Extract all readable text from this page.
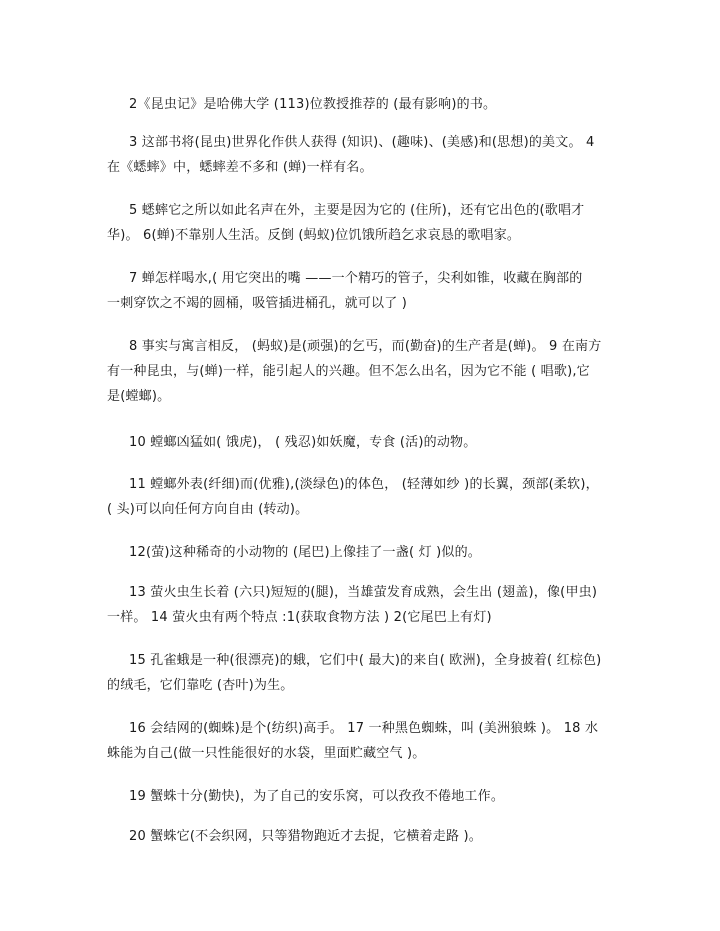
2《昆虫记》是哈佛大学 (113)位教授推荐的 (最有影响)的书。
3 这部书将(昆虫)世界化作供人获得 (知识)、(趣味)、(美感)和(思想)的美文。 4
在《蟋蟀》中，蟋蟀差不多和 (蝉)一样有名。
5 蟋蟀它之所以如此名声在外，主要是因为它的 (住所)，还有它出色的(歌唱才
华)。 6(蝉)不靠别人生活。反倒 (蚂蚁)位饥饿所趋乞求哀恳的歌唱家。
7 蝉怎样喝水,( 用它突出的嘴 ——一个精巧的管子，尖利如锥，收藏在胸部的
一刺穿饮之不竭的圆桶，吸管插进桶孔，就可以了 )
8 事实与寓言相反， (蚂蚁)是(顽强)的乞丐，而(勤奋)的生产者是(蝉)。 9 在南方
有一种昆虫，与(蝉)一样，能引起人的兴趣。但不怎么出名，因为它不能 ( 唱歌),它
是(螳螂)。
10 螳螂凶猛如( 饿虎)， ( 残忍)如妖魔，专食 (活)的动物。
11 螳螂外表(纤细)而(优雅),(淡绿色)的体色， (轻薄如纱 )的长翼，颈部(柔软)，
( 头)可以向任何方向自由 (转动)。
12(萤)这种稀奇的小动物的 (尾巴)上像挂了一盏( 灯 )似的。
13 萤火虫生长着 (六只)短短的(腿)，当雄萤发育成熟，会生出 (翅盖)，像(甲虫)
一样。 14 萤火虫有两个特点 :1(获取食物方法 ) 2(它尾巴上有灯)
15 孔雀蛾是一种(很漂亮)的蛾，它们中( 最大)的来自( 欧洲)，全身披着( 红棕色)
的绒毛，它们靠吃 (杏叶)为生。
16 会结网的(蜘蛛)是个(纺织)高手。 17 一种黑色蜘蛛，叫 (美洲狼蛛 )。 18 水
蛛能为自己(做一只性能很好的水袋，里面贮藏空气 )。
19 蟹蛛十分(勤快)，为了自己的安乐窝，可以孜孜不倦地工作。
20 蟹蛛它(不会织网，只等猎物跑近才去捉，它横着走路 )。
